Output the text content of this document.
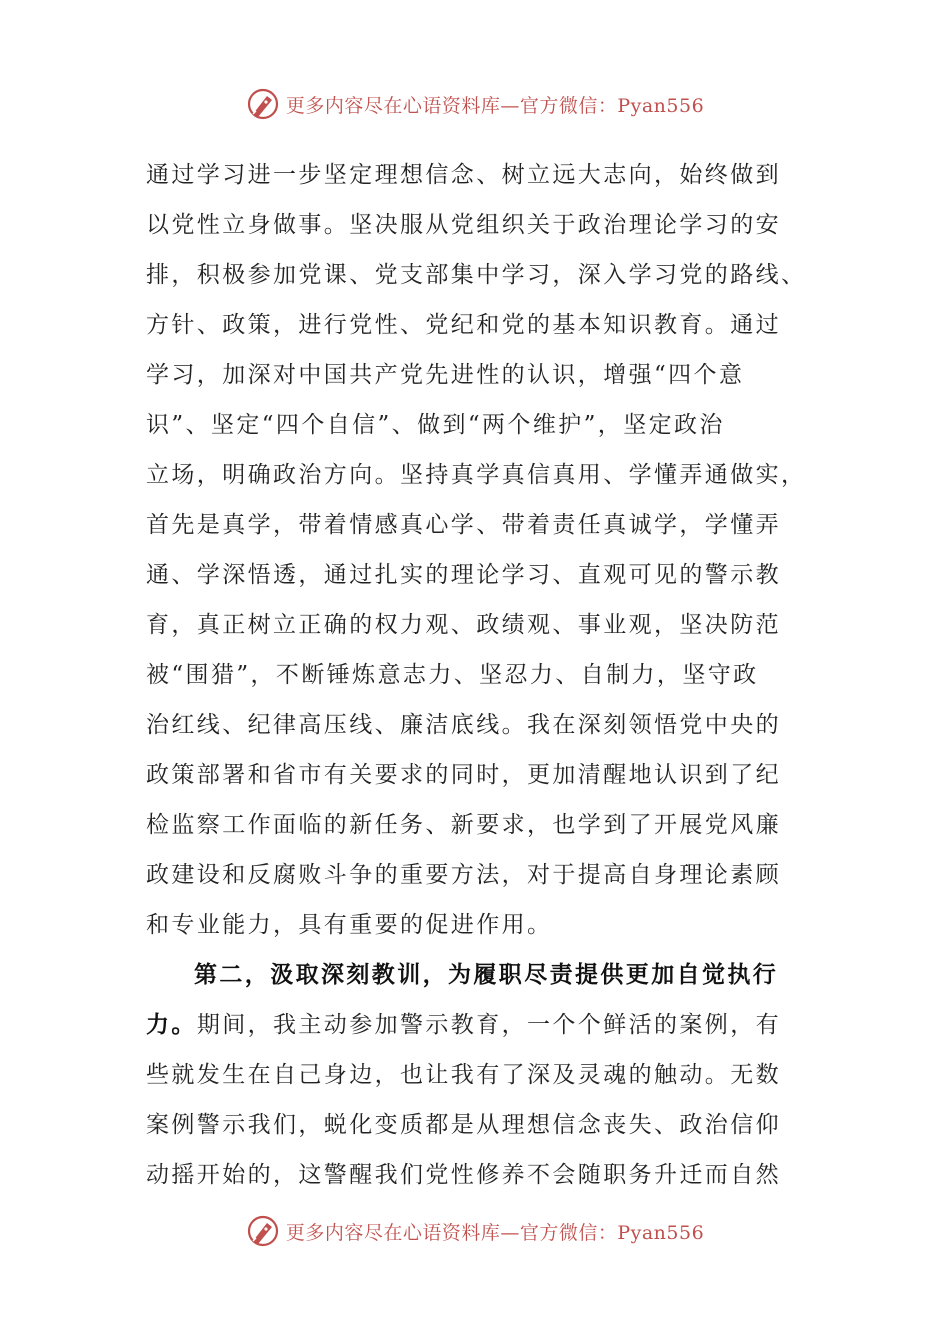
更多内容尽在心语资料库—官方微信：Pyan556
通过学习进一步坚定理想信念、树立远大志向，始终做到
以党性立身做事。坚决服从党组织关于政治理论学习的安
排，积极参加党课、党支部集中学习，深入学习党的路线、
方针、政策，进行党性、党纪和党的基本知识教育。通过
学习，加深对中国共产党先进性的认识，增强“四个意
识”、坚定“四个自信”、做到“两个维护”，坚定政治
立场，明确政治方向。坚持真学真信真用、学懂弄通做实，
首先是真学，带着情感真心学、带着责任真诚学，学懂弄
通、学深悟透，通过扎实的理论学习、直观可见的警示教
育，真正树立正确的权力观、政绩观、事业观，坚决防范
被“围猎”，不断锤炼意志力、坚忍力、自制力，坚守政
治红线、纪律高压线、廉洁底线。我在深刻领悟党中央的
政策部署和省市有关要求的同时，更加清醒地认识到了纪
检监察工作面临的新任务、新要求，也学到了开展党风廉
政建设和反腐败斗争的重要方法，对于提高自身理论素顾
和专业能力，具有重要的促进作用。
第二，汲取深刻教训，为履职尽责提供更加自觉执行
力。期间，我主动参加警示教育，一个个鲜活的案例，有
些就发生在自己身边，也让我有了深及灵魂的触动。无数
案例警示我们，蜕化变质都是从理想信念丧失、政治信仰
动摇开始的，这警醒我们党性修养不会随职务升迁而自然
更多内容尽在心语资料库—官方微信：Pyan556
